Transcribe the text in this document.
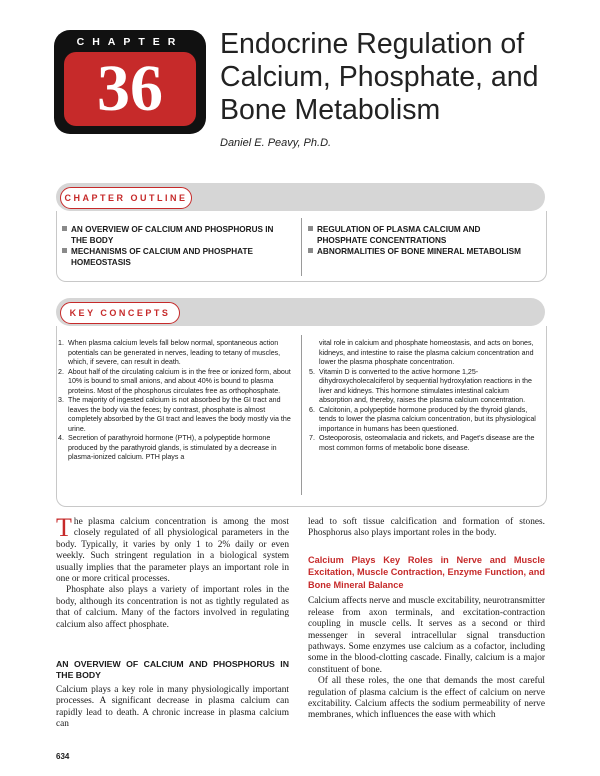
CHAPTER
36
Endocrine Regulation of Calcium, Phosphate, and Bone Metabolism
Daniel E. Peavy, Ph.D.
CHAPTER OUTLINE
AN OVERVIEW OF CALCIUM AND PHOSPHORUS IN THE BODY
MECHANISMS OF CALCIUM AND PHOSPHATE HOMEOSTASIS
REGULATION OF PLASMA CALCIUM AND PHOSPHATE CONCENTRATIONS
ABNORMALITIES OF BONE MINERAL METABOLISM
KEY CONCEPTS
1. When plasma calcium levels fall below normal, spontaneous action potentials can be generated in nerves, leading to tetany of muscles, which, if severe, can result in death.
2. About half of the circulating calcium is in the free or ionized form, about 10% is bound to small anions, and about 40% is bound to plasma proteins. Most of the phosphorus circulates free as orthophosphate.
3. The majority of ingested calcium is not absorbed by the GI tract and leaves the body via the feces; by contrast, phosphate is almost completely absorbed by the GI tract and leaves the body mostly via the urine.
4. Secretion of parathyroid hormone (PTH), a polypeptide hormone produced by the parathyroid glands, is stimulated by a decrease in plasma-ionized calcium. PTH plays a
vital role in calcium and phosphate homeostasis, and acts on bones, kidneys, and intestine to raise the plasma calcium concentration and lower the plasma phosphate concentration.
5. Vitamin D is converted to the active hormone 1,25-dihydroxycholecalciferol by sequential hydroxylation reactions in the liver and kidneys. This hormone stimulates intestinal calcium absorption and, thereby, raises the plasma calcium concentration.
6. Calcitonin, a polypeptide hormone produced by the thyroid glands, tends to lower the plasma calcium concentration, but its physiological importance in humans has been questioned.
7. Osteoporosis, osteomalacia and rickets, and Paget's disease are the most common forms of metabolic bone disease.

The plasma calcium concentration is among the most closely regulated of all physiological parameters in the body. Typically, it varies by only 1 to 2% daily or even weekly. Such stringent regulation in a biological system usually implies that the parameter plays an important role in one or more critical processes.

Phosphate also plays a variety of important roles in the body, although its concentration is not as tightly regulated as that of calcium. Many of the factors involved in regulating calcium also affect phosphate.

AN OVERVIEW OF CALCIUM AND PHOSPHORUS IN THE BODY

Calcium plays a key role in many physiologically important processes. A significant decrease in plasma calcium can rapidly lead to death. A chronic increase in plasma calcium can

lead to soft tissue calcification and formation of stones. Phosphorus also plays important roles in the body.

Calcium Plays Key Roles in Nerve and Muscle Excitation, Muscle Contraction, Enzyme Function, and Bone Mineral Balance

Calcium affects nerve and muscle excitability, neurotransmitter release from axon terminals, and excitation-contraction coupling in muscle cells. It serves as a second or third messenger in several intracellular signal transduction pathways. Some enzymes use calcium as a cofactor, including some in the blood-clotting cascade. Finally, calcium is a major constituent of bone.

Of all these roles, the one that demands the most careful regulation of plasma calcium is the effect of calcium on nerve excitability. Calcium affects the sodium permeability of nerve membranes, which influences the ease with which

634
